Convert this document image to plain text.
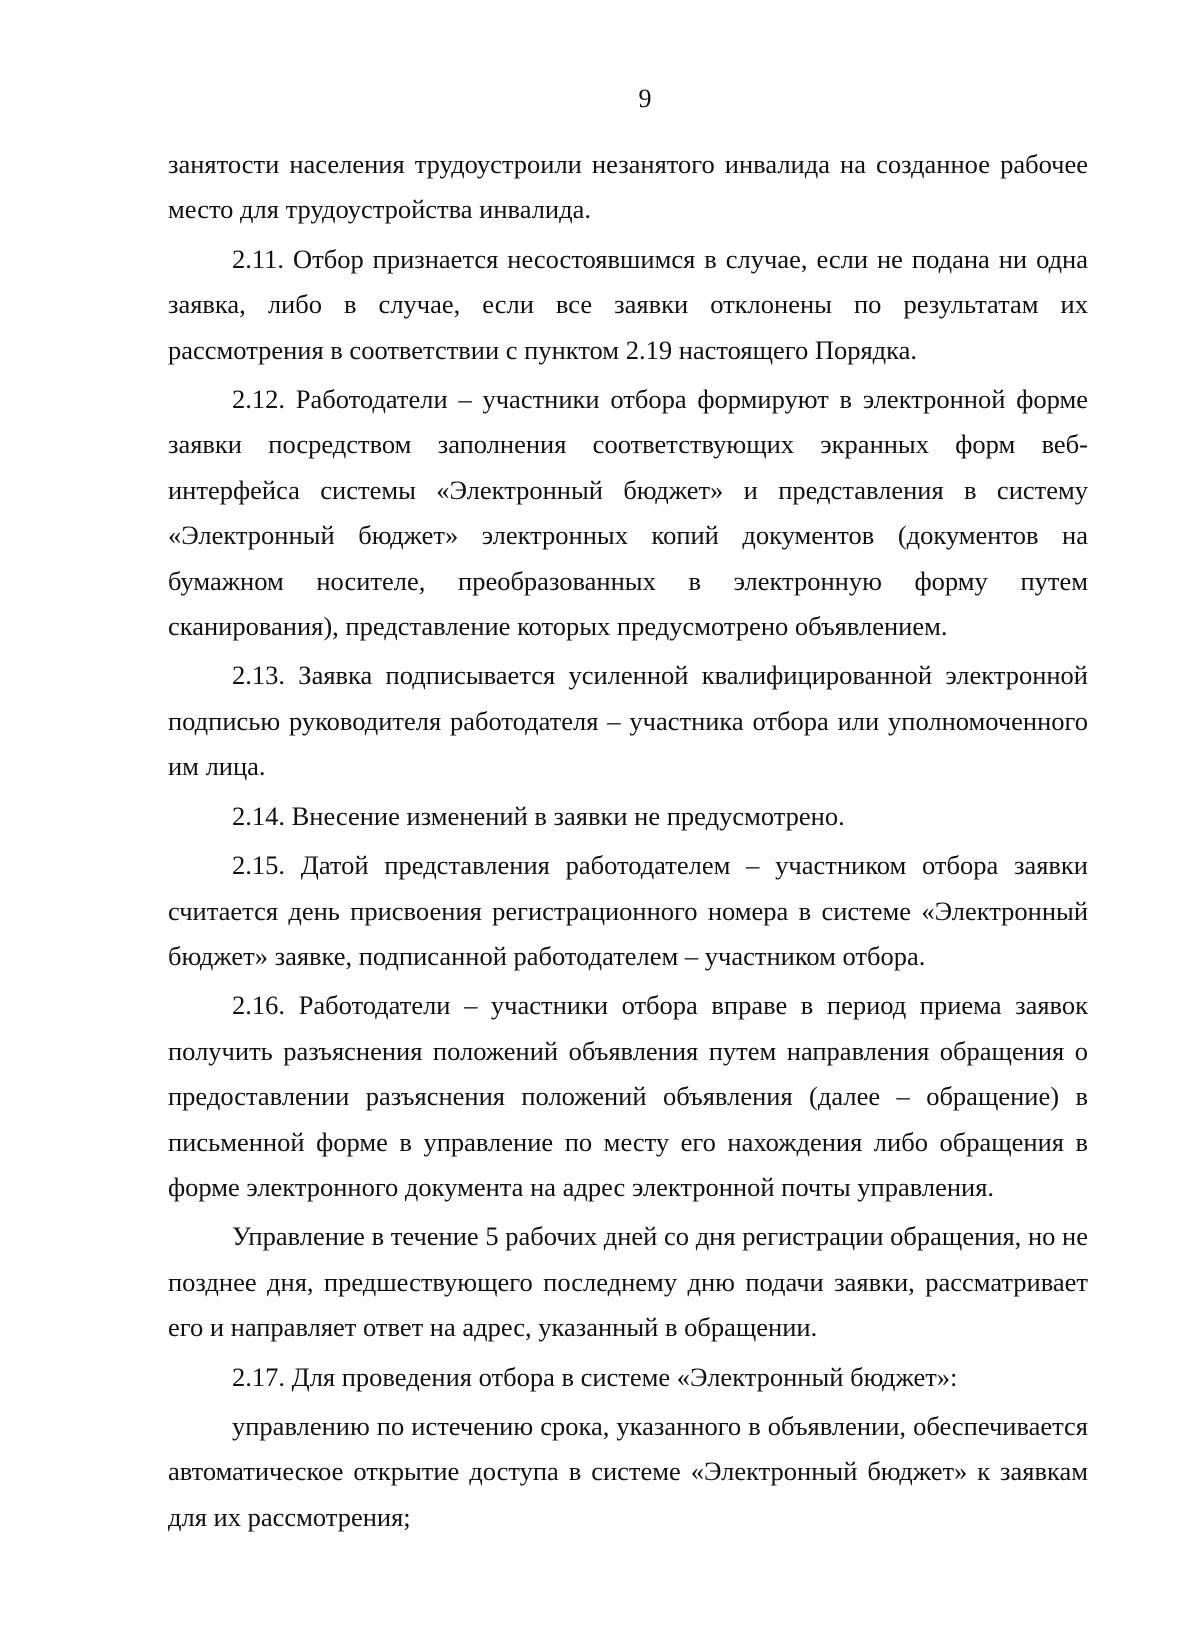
9

занятости населения трудоустроили незанятого инвалида на созданное рабочее место для трудоустройства инвалида.

2.11. Отбор признается несостоявшимся в случае, если не подана ни одна заявка, либо в случае, если все заявки отклонены по результатам их рассмотрения в соответствии с пунктом 2.19 настоящего Порядка.

2.12. Работодатели – участники отбора формируют в электронной форме заявки посредством заполнения соответствующих экранных форм веб-интерфейса системы «Электронный бюджет» и представления в систему «Электронный бюджет» электронных копий документов (документов на бумажном носителе, преобразованных в электронную форму путем сканирования), представление которых предусмотрено объявлением.

2.13. Заявка подписывается усиленной квалифицированной электронной подписью руководителя работодателя – участника отбора или уполномоченного им лица.

2.14. Внесение изменений в заявки не предусмотрено.

2.15. Датой представления работодателем – участником отбора заявки считается день присвоения регистрационного номера в системе «Электронный бюджет» заявке, подписанной работодателем – участником отбора.

2.16. Работодатели – участники отбора вправе в период приема заявок получить разъяснения положений объявления путем направления обращения о предоставлении разъяснения положений объявления (далее – обращение) в письменной форме в управление по месту его нахождения либо обращения в форме электронного документа на адрес электронной почты управления.

Управление в течение 5 рабочих дней со дня регистрации обращения, но не позднее дня, предшествующего последнему дню подачи заявки, рассматривает его и направляет ответ на адрес, указанный в обращении.

2.17. Для проведения отбора в системе «Электронный бюджет»:

управлению по истечению срока, указанного в объявлении, обеспечивается автоматическое открытие доступа в системе «Электронный бюджет» к заявкам для их рассмотрения;
